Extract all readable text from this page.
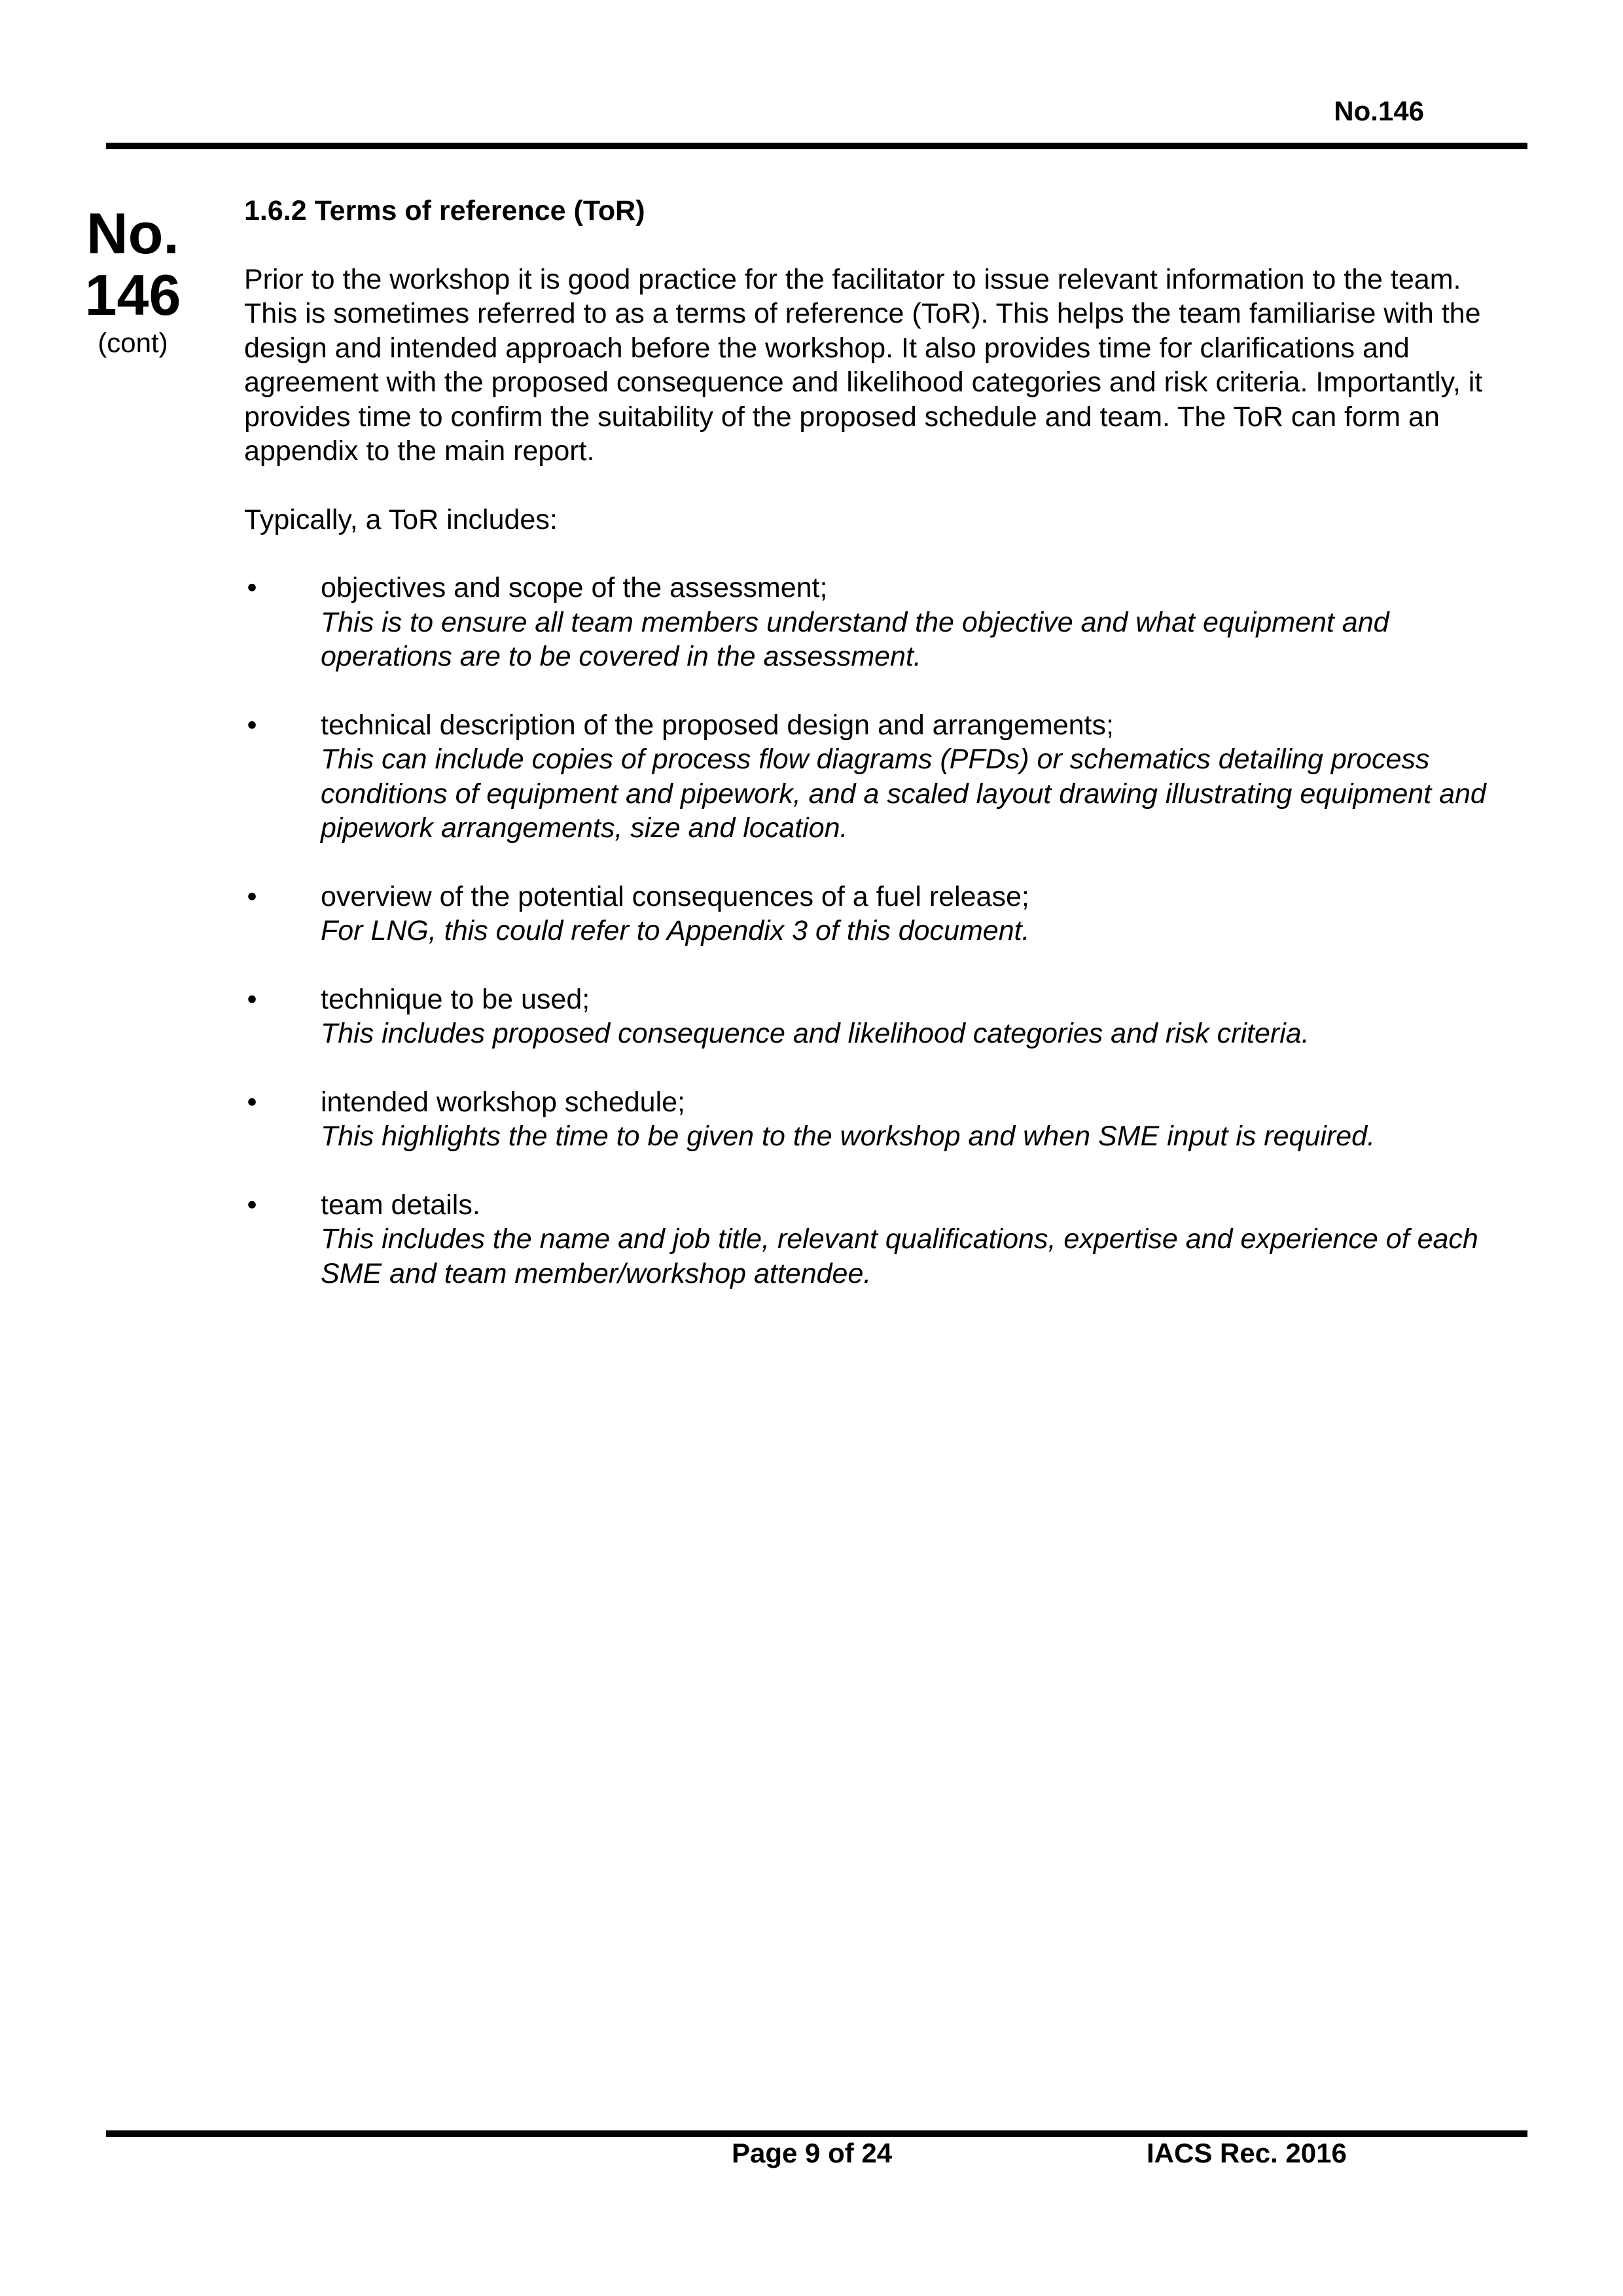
No.146
No.
146
(cont)

1.6.2 Terms of reference (ToR)

Prior to the workshop it is good practice for the facilitator to issue relevant information to the team. This is sometimes referred to as a terms of reference (ToR). This helps the team familiarise with the design and intended approach before the workshop. It also provides time for clarifications and agreement with the proposed consequence and likelihood categories and risk criteria. Importantly, it provides time to confirm the suitability of the proposed schedule and team. The ToR can form an appendix to the main report.

Typically, a ToR includes:

• objectives and scope of the assessment;
This is to ensure all team members understand the objective and what equipment and operations are to be covered in the assessment.
• technical description of the proposed design and arrangements;
This can include copies of process flow diagrams (PFDs) or schematics detailing process conditions of equipment and pipework, and a scaled layout drawing illustrating equipment and pipework arrangements, size and location.
• overview of the potential consequences of a fuel release;
For LNG, this could refer to Appendix 3 of this document.
• technique to be used;
This includes proposed consequence and likelihood categories and risk criteria.
• intended workshop schedule;
This highlights the time to be given to the workshop and when SME input is required.
• team details.
This includes the name and job title, relevant qualifications, expertise and experience of each SME and team member/workshop attendee.
Page 9 of 24	IACS Rec. 2016
